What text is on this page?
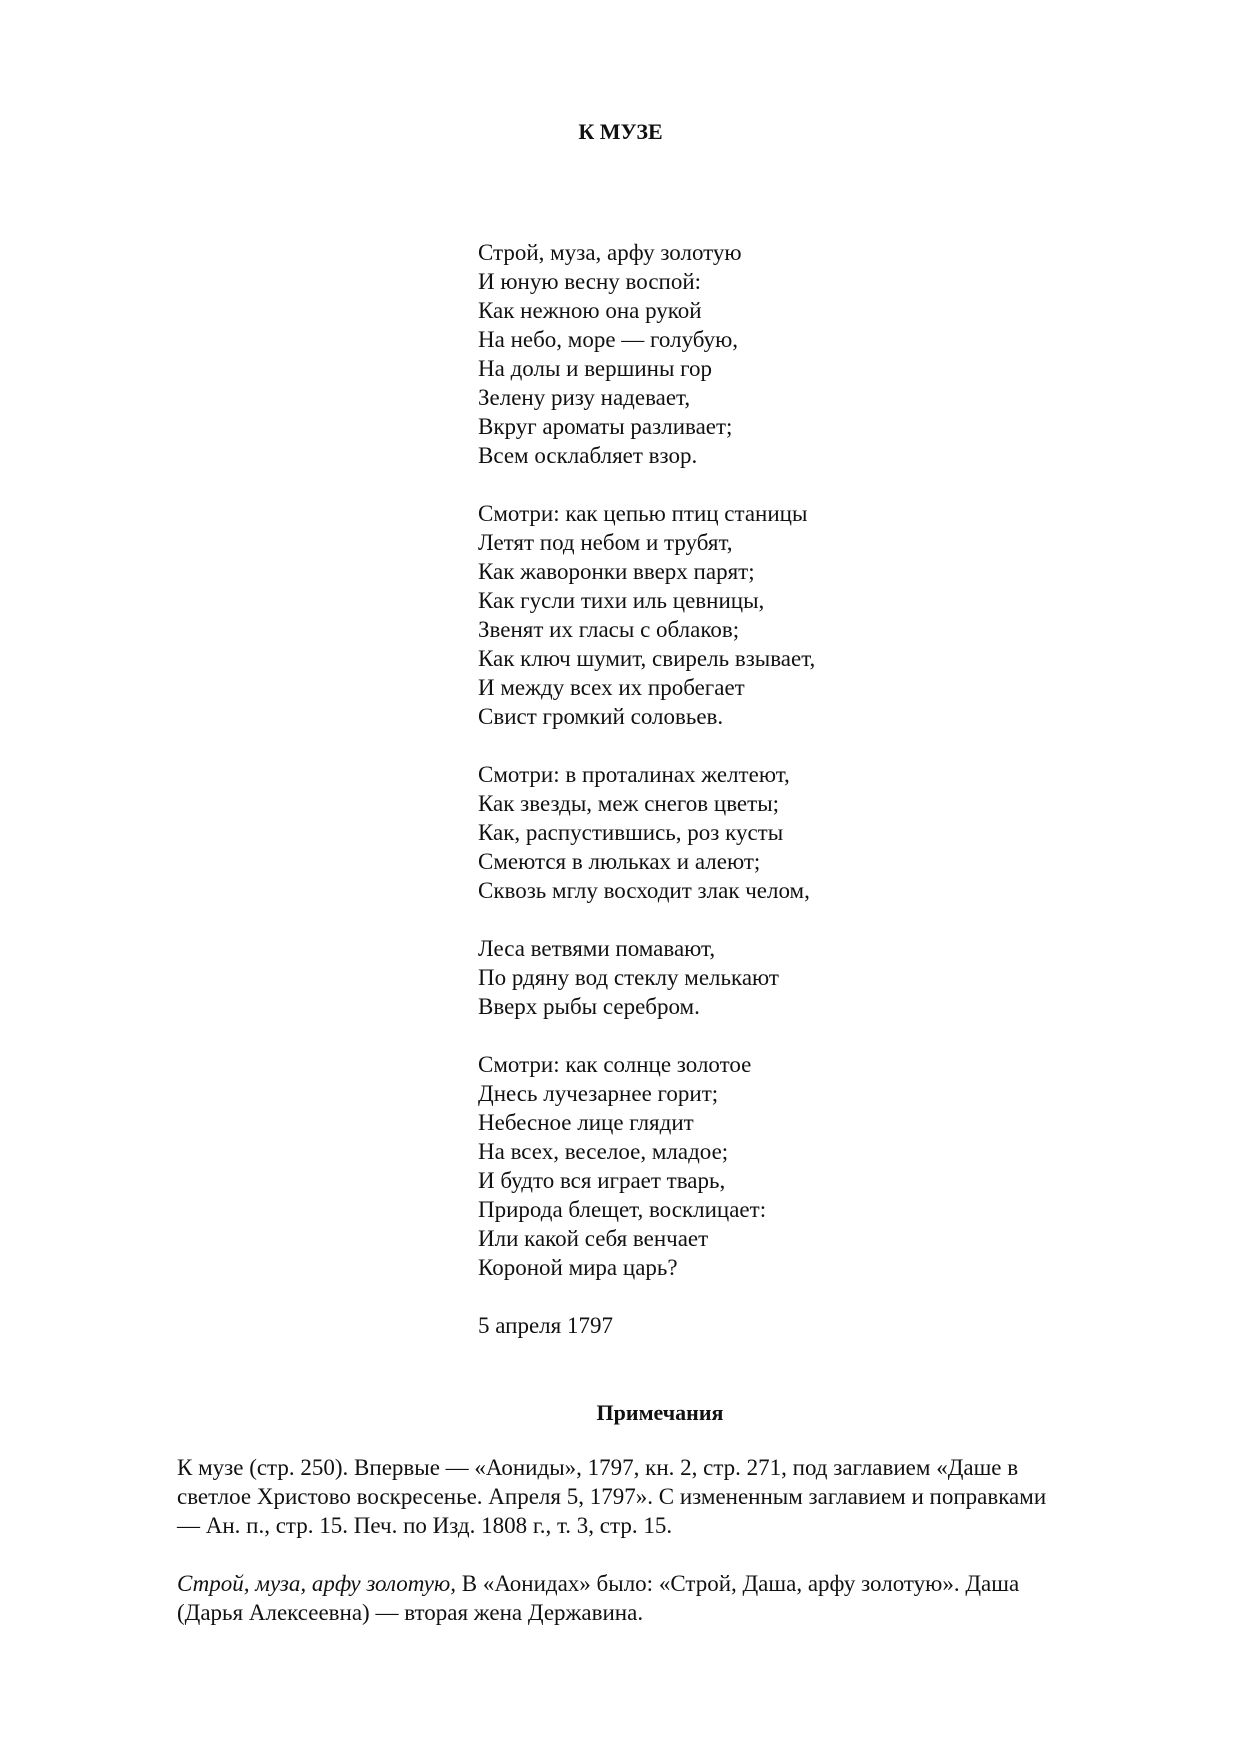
К МУЗЕ
Строй, муза, арфу золотую
И юную весну воспой:
Как нежною она рукой
На небо, море — голубую,
На долы и вершины гор
Зелену ризу надевает,
Вкруг ароматы разливает;
Всем осклабляет взор.
Смотри: как цепью птиц станицы
Летят под небом и трубят,
Как жаворонки вверх парят;
Как гусли тихи иль цевницы,
Звенят их гласы с облаков;
Как ключ шумит, свирель взывает,
И между всех их пробегает
Свист громкий соловьев.
Смотри: в проталинах желтеют,
Как звезды, меж снегов цветы;
Как, распустившись, роз кусты
Смеются в люльках и алеют;
Сквозь мглу восходит злак челом,
Леса ветвями помавают,
По рдяну вод стеклу мелькают
Вверх рыбы серебром.
Смотри: как солнце золотое
Днесь лучезарнее горит;
Небесное лице глядит
На всех, веселое, младое;
И будто вся играет тварь,
Природа блещет, восклицает:
Или какой себя венчает
Короной мира царь?
5 апреля 1797
Примечания

К музе (стр. 250). Впервые — «Аониды», 1797, кн. 2, стр. 271, под заглавием «Даше в
светлое Христово воскресенье. Апреля 5, 1797». С измененным заглавием и поправками
— Ан. п., стр. 15. Печ. по Изд. 1808 г., т. 3, стр. 15.

Строй, муза, арфу золотую, В «Аонидах» было: «Строй, Даша, арфу золотую». Даша
(Дарья Алексеевна) — вторая жена Державина.
